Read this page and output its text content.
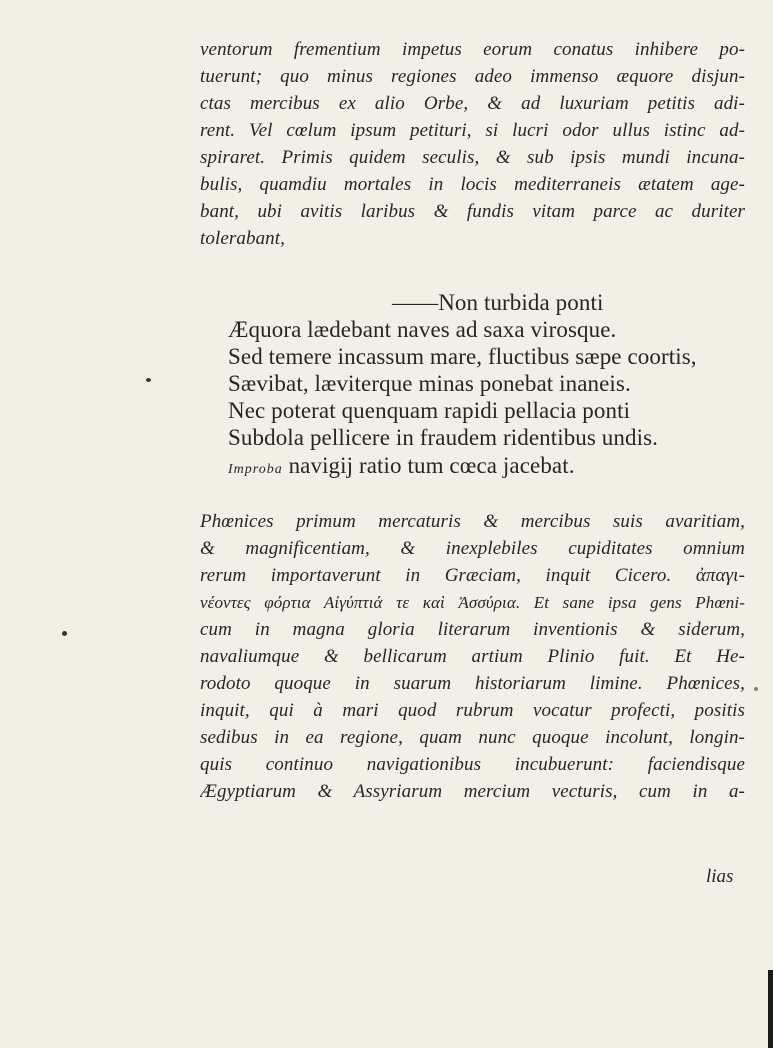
ventorum frementium impetus eorum conatus inhibere po-
tuerunt; quo minus regiones adeo immenso æquore disjun-
ctas mercibus ex alio Orbe, & ad luxuriam petitis adi-
rent. Vel cœlum ipsum petituri, si lucri odor ullus istinc ad-
spiraret. Primis quidem seculis, & sub ipsis mundi incuna-
bulis, quamdiu mortales in locis mediterraneis ætatem age-
bant, ubi avitis laribus & fundis vitam parce ac duriter
tolerabant,
——Non turbida ponti
Æquora lædebant naves ad saxa virosque.
Sed temere incassum mare, fluctibus sæpe coortis,
Sævibat, læviterque minas ponebat inaneis.
Nec poterat quenquam rapidi pellacia ponti
Subdola pellicere in fraudem ridentibus undis.
Improba navigij ratio tum cœca jacebat.
Phœnices primum mercaturis & mercibus suis avaritiam,
& magnificentiam, & inexplebiles cupiditates omnium
rerum importaverunt in Græciam, inquit Cicero. ἀπαγι-
νέοντες φόρτια Αἰγύπτιά τε καὶ Ἀσσύρια. Et sane ipsa gens Phœni-
cum in magna gloria literarum inventionis & siderum,
navaliumque & bellicarum artium Plinio fuit. Et He-
rodoto quoque in suarum historiarum limine. Phœnices,
inquit, qui à mari quod rubrum vocatur profecti, positis
sedibus in ea regione, quam nunc quoque incolunt, longin-
quis continuo navigationibus incubuerunt: faciendisque
Ægyptiarum & Assyriarum mercium vecturis, cum in a-
lias
